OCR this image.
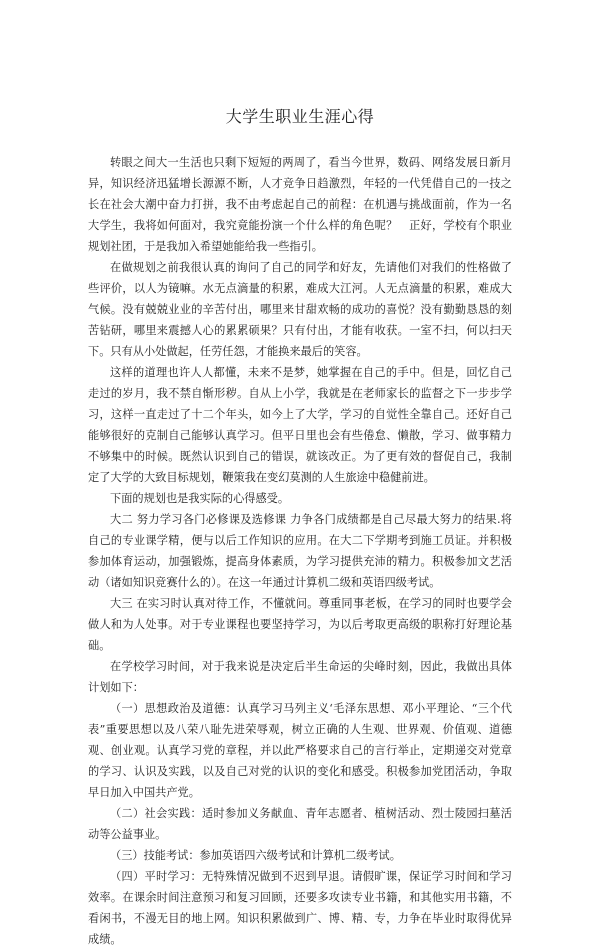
大学生职业生涯心得

转眼之间大一生活也只剩下短短的两周了，看当今世界，数码、网络发展日新月异，知识经济迅猛增长源源不断，人才竞争日趋激烈，年轻的一代凭借自己的一技之长在社会大潮中奋力打拼，我不由考虑起自己的前程：在机遇与挑战面前，作为一名大学生，我将如何面对，我究竟能扮演一个什么样的角色呢？　正好，学校有个职业规划社团，于是我加入希望她能给我一些指引。

在做规划之前我很认真的询问了自己的同学和好友，先请他们对我们的性格做了些评价，以人为镜嘛。水无点滴量的积累，难成大江河。人无点滴量的积累，难成大气候。没有兢兢业业的辛苦付出，哪里来甘甜欢畅的成功的喜悦？没有勤勤恳恳的刻苦钻研，哪里来震撼人心的累累硕果？只有付出，才能有收获。一室不扫，何以扫天下。只有从小处做起，任劳任怨，才能换来最后的笑容。

这样的道理也许人人都懂，未来不是梦，她掌握在自己的手中。但是，回忆自己走过的岁月，我不禁自惭形秽。自从上小学，我就是在老师家长的监督之下一步步学习，这样一直走过了十二个年头，如今上了大学，学习的自觉性全靠自己。还好自己能够很好的克制自己能够认真学习。但平日里也会有些倦怠、懒散，学习、做事精力不够集中的时候。既然认识到自己的错误，就该改正。为了更有效的督促自己，我制定了大学的大致目标规划，鞭策我在变幻莫测的人生旅途中稳健前进。

下面的规划也是我实际的心得感受。

大二 努力学习各门必修课及选修课 力争各门成绩都是自己尽最大努力的结果.将自己的专业课学精，便与以后工作知识的应用。在大二下学期考到施工员证。并积极参加体育运动，加强锻炼，提高身体素质，为学习提供充沛的精力。积极参加文艺活动（诸如知识竞赛什么的）。在这一年通过计算机二级和英语四级考试。

大三 在实习时认真对待工作，不懂就问。尊重同事老板，在学习的同时也要学会做人和为人处事。对于专业课程也要坚持学习，为以后考取更高级的职称打好理论基础。

在学校学习时间，对于我来说是决定后半生命运的尖峰时刻，因此，我做出具体计划如下：

（一）思想政治及道德：认真学习马列主义‘毛泽东思想、邓小平理论、“三个代表”重要思想以及八荣八耻先进荣辱观，树立正确的人生观、世界观、价值观、道德观、创业观。认真学习党的章程，并以此严格要求自己的言行举止，定期递交对党章的学习、认识及实践，以及自己对党的认识的变化和感受。积极参加党团活动，争取早日加入中国共产党。

（二）社会实践：适时参加义务献血、青年志愿者、植树活动、烈士陵园扫墓活动等公益事业。

（三）技能考试：参加英语四六级考试和计算机二级考试。

（四）平时学习：无特殊情况做到不迟到早退。请假旷课，保证学习时间和学习效率。在课余时间注意预习和复习回顾，还要多攻读专业书籍，和其他实用书籍，不看闲书，不漫无目的地上网。知识积累做到广、博、精、专，力争在毕业时取得优异成绩。
